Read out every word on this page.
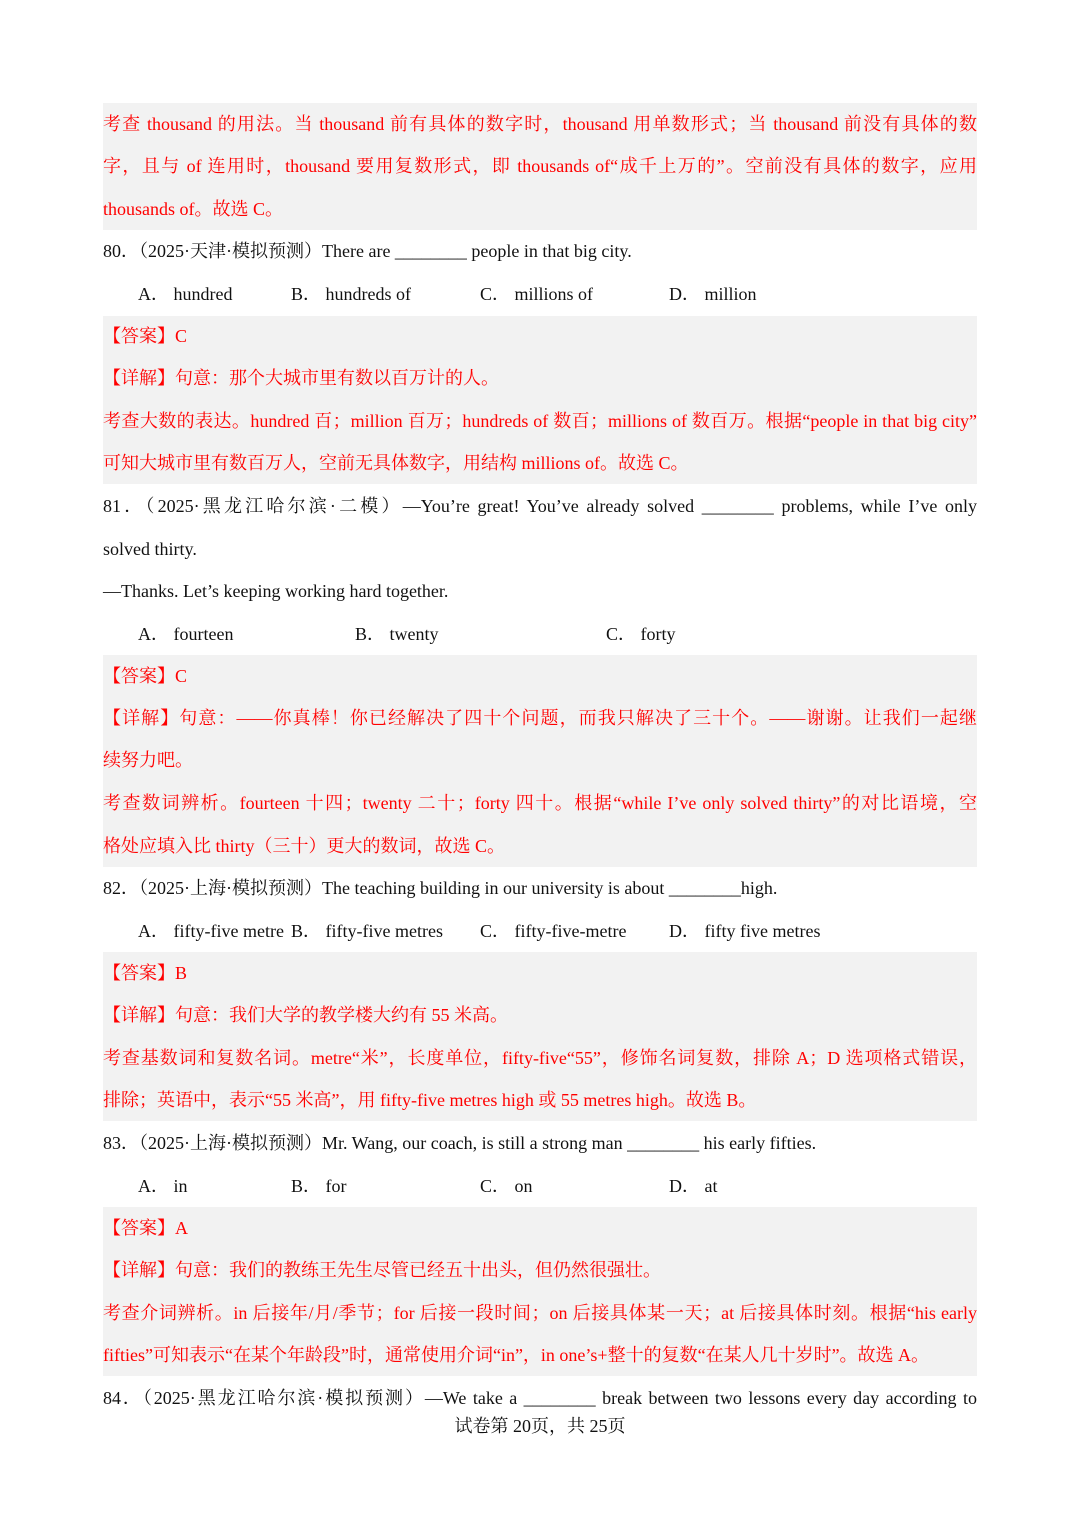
考查 thousand 的用法。当 thousand 前有具体的数字时，thousand 用单数形式；当 thousand 前没有具体的数
字，且与 of 连用时，thousand 要用复数形式，即 thousands of“成千上万的”。空前没有具体的数字，应用
thousands of。故选 C。
80．（2025·天津·模拟预测）There are ________ people in that big city.
A． hundred	B． hundreds of	C． millions of	D． million
【答案】C
【详解】句意：那个大城市里有数以百万计的人。
考查大数的表达。hundred 百；million 百万；hundreds of 数百；millions of 数百万。根据“people in that big city”
可知大城市里有数百万人，空前无具体数字，用结构 millions of。故选 C。
81．（2025·黑龙江哈尔滨·二模）—You’re great! You’ve already solved ________ problems, while I’ve only
solved thirty.
—Thanks. Let’s keeping working hard together.
A． fourteen	B． twenty	C． forty
【答案】C
【详解】句意：——你真棒！你已经解决了四十个问题，而我只解决了三十个。——谢谢。让我们一起继
续努力吧。
考查数词辨析。fourteen 十四；twenty 二十；forty 四十。根据“while I’ve only solved thirty”的对比语境，空
格处应填入比 thirty（三十）更大的数词，故选 C。
82．（2025·上海·模拟预测）The teaching building in our university is about ________high.
A． fifty-five metre B． fifty-five metres C． fifty-five-metre D． fifty five metres
【答案】B
【详解】句意：我们大学的教学楼大约有 55 米高。
考查基数词和复数名词。metre“米”，长度单位，fifty-five“55”，修饰名词复数，排除 A；D 选项格式错误，
排除；英语中，表示“55 米高”，用 fifty-five metres high 或 55 metres high。故选 B。
83．（2025·上海·模拟预测）Mr. Wang, our coach, is still a strong man ________ his early fifties.
A． in	B． for	C． on	D． at
【答案】A
【详解】句意：我们的教练王先生尽管已经五十出头，但仍然很强壮。
考查介词辨析。in 后接年/月/季节；for 后接一段时间；on 后接具体某一天；at 后接具体时刻。根据“his early
fifties”可知表示“在某个年龄段”时，通常使用介词“in”，in one’s+整十的复数“在某人几十岁时”。故选 A。
84．（2025·黑龙江哈尔滨·模拟预测）—We take a ________ break between two lessons every day according to
试卷第 20页，共 25页
